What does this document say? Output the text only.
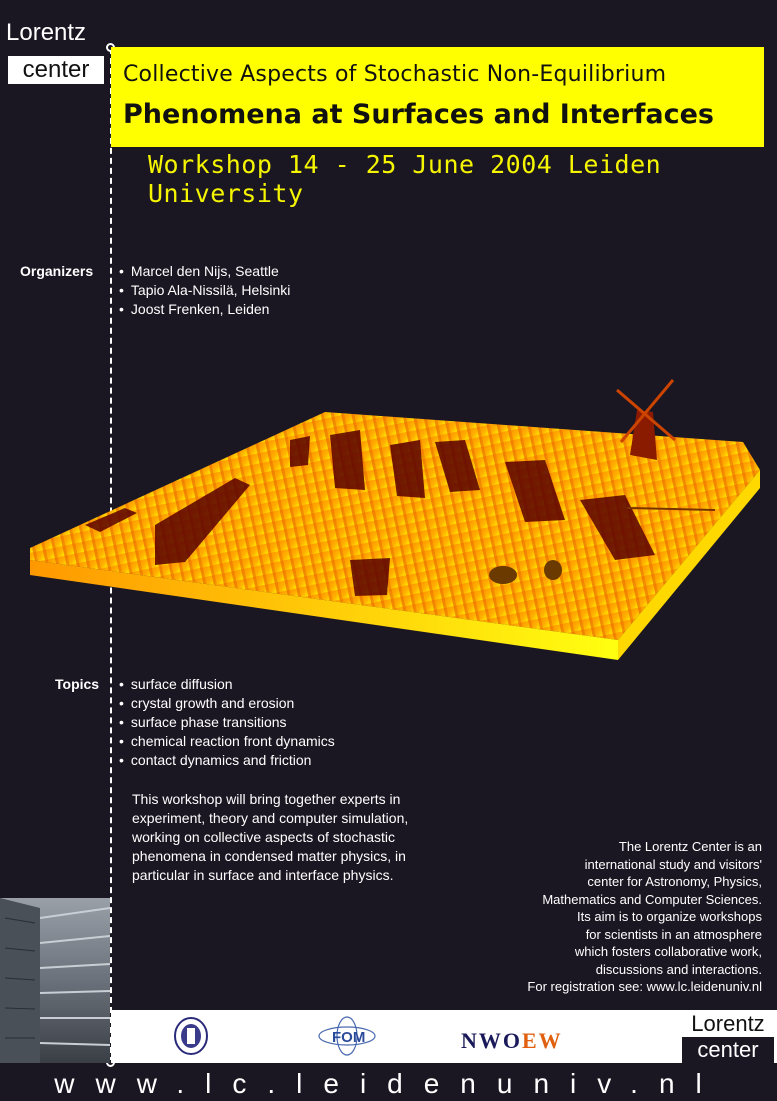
Lorentz
center	Collective Aspects of Stochastic Non-Equilibrium
Phenomena at Surfaces and Interfaces
Workshop 14 - 25 June 2004 Leiden University
Organizers	• Marcel den Nijs, Seattle
• Tapio Ala-Nissilä, Helsinki
• Joost Frenken, Leiden
Topics	• surface diffusion
• crystal growth and erosion
• surface phase transitions
• chemical reaction front dynamics
• contact dynamics and friction
This workshop will bring together experts in experiment, theory and computer simulation, working on collective aspects of stochastic phenomena in condensed matter physics, in particular in surface and interface physics.
The Lorentz Center is an
international study and visitors'
center for Astronomy, Physics,
Mathematics and Computer Sciences.
Its aim is to organize workshops
for scientists in an atmosphere
which fosters collaborative work,
discussions and interactions.
For registration see: www.lc.leidenuniv.nl
FOM	NWOEW
Lorentz
center
www.lc.leidenuniv.nl
